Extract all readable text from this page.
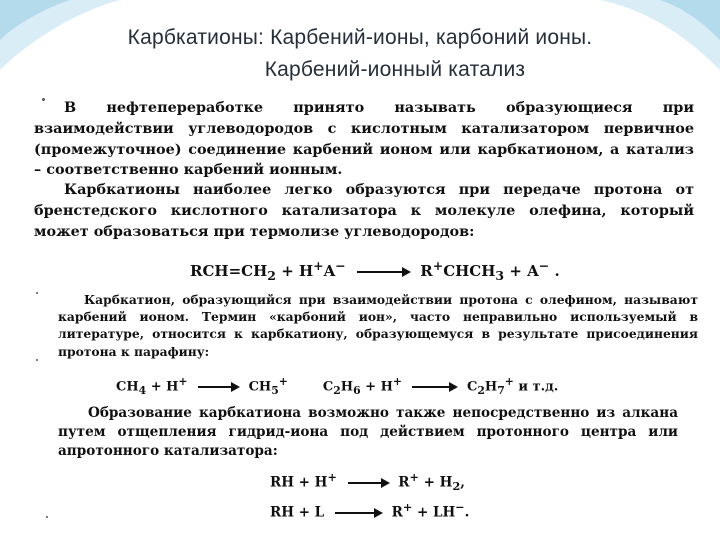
Карбкатионы: Карбений-ионы, карбоний ионы.
Карбений-ионный катализ

В нефтепереработке принято называть образующиеся при взаимодействии углеводородов с кислотным катализатором первичное (промежуточное) соединение карбений ионом или карбкатионом, а катализ – соответственно карбений ионным.

Карбкатионы наиболее легко образуются при передаче протона от бренстедского кислотного катализатора к молекуле олефина, который может образоваться при термолизе углеводородов:

$RCH=CH_2 + H^+A^-$ → $R^+CHCH_3 + A^-$ .

Карбкатион, образующийся при взаимодействии протона с олефином, называют карбений ионом. Термин «карбоний ион», часто неправильно используемый в литературе, относится к карбкатиону, образующемуся в результате присоединения протона к парафину:

$CH_4 + H^+ \to CH_5^+$	$C_2H_6 + H^+ \to C_2H_7^+$ и т.д.

Образование карбкатиона возможно также непосредственно из алкана путем отщепления гидрид-иона под действием протонного центра или апротонного катализатора:

RH + $H^+ \to R^+ + H_2$,
RH + L → R+ + LH−.
